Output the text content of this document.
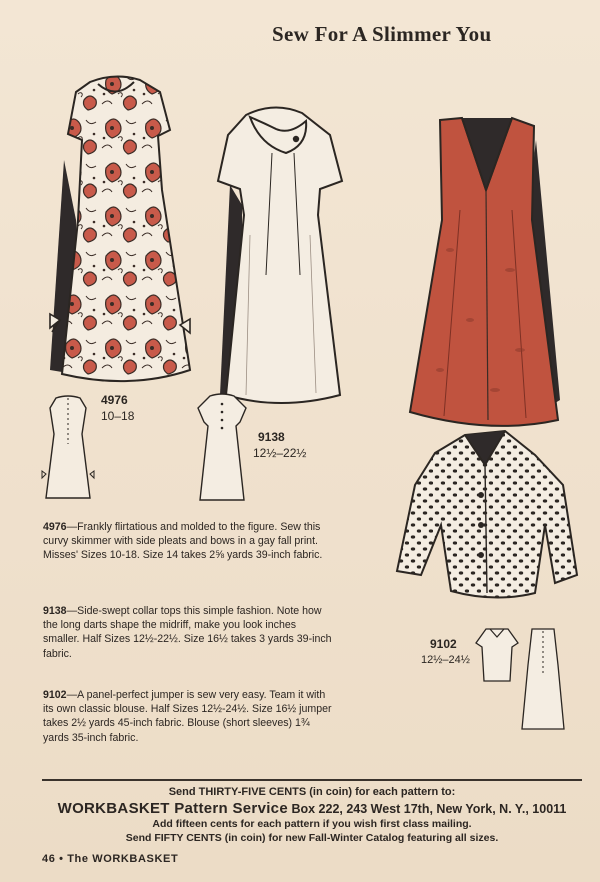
Sew For A Slimmer You
4976
10–18
9138
12½–22½
9102
12½–24½
4976—Frankly flirtatious and molded to the figure. Sew this curvy skimmer with side pleats and bows in a gay fall print. Misses' Sizes 10-18. Size 14 takes 2⅝ yards 39-inch fabric.
9138—Side-swept collar tops this simple fashion. Note how the long darts shape the midriff, make you look inches smaller. Half Sizes 12½-22½. Size 16½ takes 3 yards 39-inch fabric.
9102—A panel-perfect jumper is sew very easy. Team it with its own classic blouse. Half Sizes 12½-24½. Size 16½ jumper takes 2½ yards 45-inch fabric. Blouse (short sleeves) 1¾ yards 35-inch fabric.
Send THIRTY-FIVE CENTS (in coin) for each pattern to:
WORKBASKET Pattern Service Box 222, 243 West 17th, New York, N. Y., 10011
Add fifteen cents for each pattern if you wish first class mailing.
Send FIFTY CENTS (in coin) for new Fall-Winter Catalog featuring all sizes.
46 • The WORKBASKET
